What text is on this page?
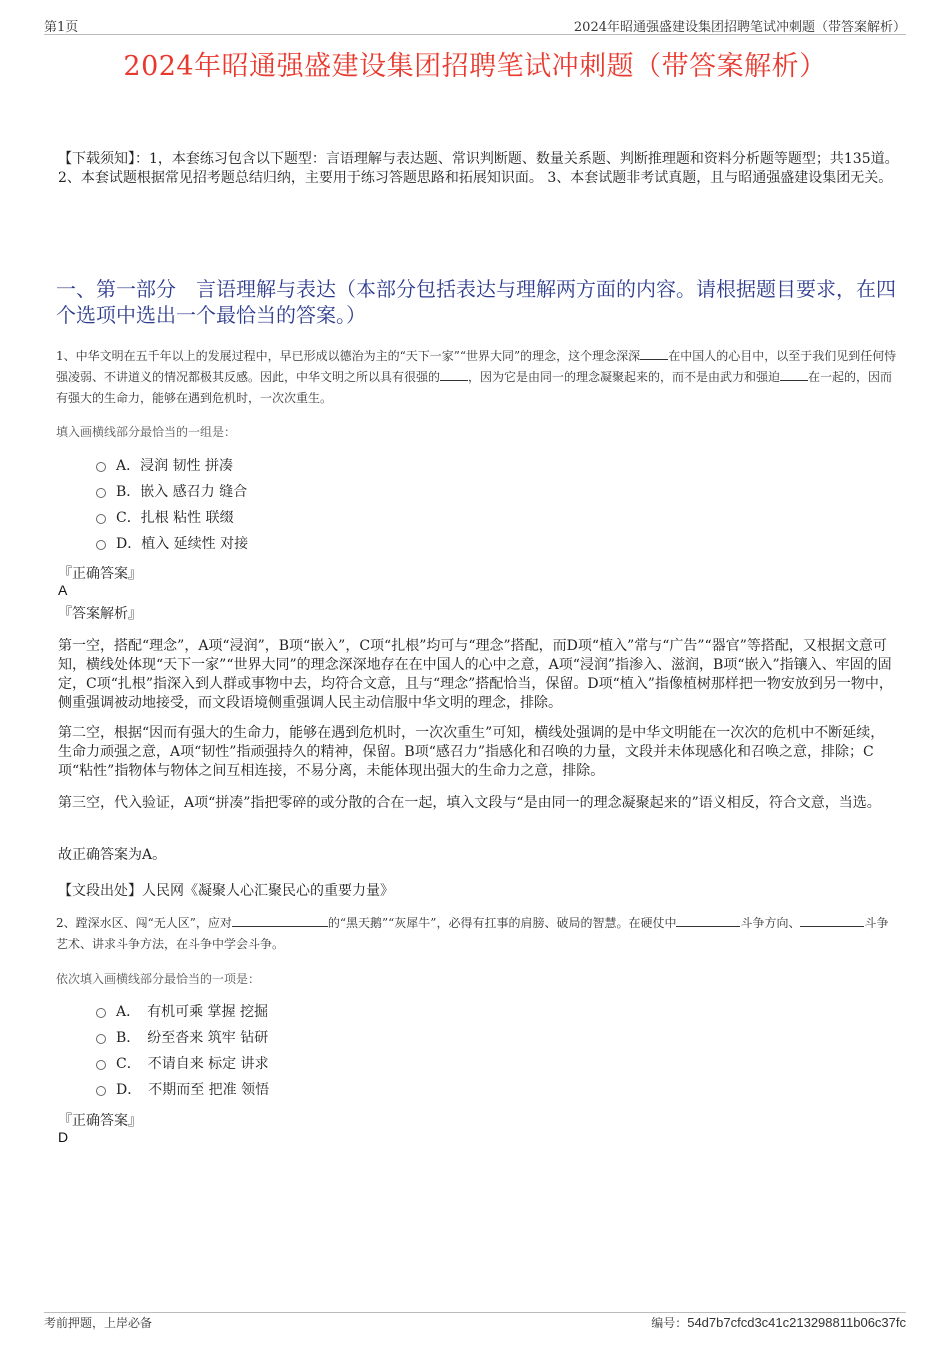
第1页	2024年昭通强盛建设集团招聘笔试冲刺题（带答案解析）
2024年昭通强盛建设集团招聘笔试冲刺题（带答案解析）
【下载须知】：1，本套练习包含以下题型：言语理解与表达题、常识判断题、数量关系题、判断推理题和资料分析题等题型；共135道。 2、本套试题根据常见招考题总结归纳，主要用于练习答题思路和拓展知识面。 3、本套试题非考试真题，且与昭通强盛建设集团无关。
一、第一部分　言语理解与表达（本部分包括表达与理解两方面的内容。请根据题目要求，在四个选项中选出一个最恰当的答案。）
1、中华文明在五千年以上的发展过程中，早已形成以德治为主的“天下一家”“世界大同”的理念，这个理念深深 在中国人的心目中，以至于我们见到任何恃强凌弱、不讲道义的情况都极其反感。因此，中华文明之所以具有很强的 ，因为它是由同一的理念凝聚起来的，而不是由武力和强迫 在一起的，因而有强大的生命力，能够在遇到危机时，一次次重生。
填入画横线部分最恰当的一组是：
A．浸润 韧性 拼凑
B．嵌入 感召力 缝合
C．扎根 粘性 联缀
D．植入 延续性 对接
『正确答案』
A
『答案解析』
第一空，搭配“理念”，A项“浸润”，B项“嵌入”，C项“扎根”均可与“理念”搭配，而D项“植入”常与“广告”“器官”等搭配，又根据文意可知，横线处体现“天下一家”“世界大同”的理念深深地存在在中国人的心中之意，A项“浸润”指渗入、滋润，B项“嵌入”指镶入、牢固的固定，C项“扎根”指深入到人群或事物中去，均符合文意，且与“理念”搭配恰当，保留。D项“植入”指像植树那样把一物安放到另一物中，侧重强调被动地接受，而文段语境侧重强调人民主动信服中华文明的理念，排除。
第二空，根据“因而有强大的生命力，能够在遇到危机时，一次次重生”可知，横线处强调的是中华文明能在一次次的危机中不断延续，生命力顽强之意，A项“韧性”指顽强持久的精神，保留。B项“感召力”指感化和召唤的力量，文段并未体现感化和召唤之意，排除；C项“粘性”指物体与物体之间互相连接，不易分离，未能体现出强大的生命力之意，排除。
第三空，代入验证，A项“拼凑”指把零碎的或分散的合在一起，填入文段与“是由同一的理念凝聚起来的”语义相反，符合文意，当选。
故正确答案为A。
【文段出处】人民网《凝聚人心汇聚民心的重要力量》
2、蹚深水区、闯“无人区”，应对	的“黑天鹅”“灰犀牛”，必得有扛事的肩膀、破局的智慧。在硬仗中	斗争方向、	斗争艺术、讲求斗争方法，在斗争中学会斗争。
依次填入画横线部分最恰当的一项是：
A．　有机可乘 掌握 挖掘
B．　纷至沓来 筑牢 钻研
C．　不请自来 标定 讲求
D．　不期而至 把准 领悟
『正确答案』
D
考前押题，上岸必备	编号：54d7b7cfcd3c41c213298811b06c37fc
